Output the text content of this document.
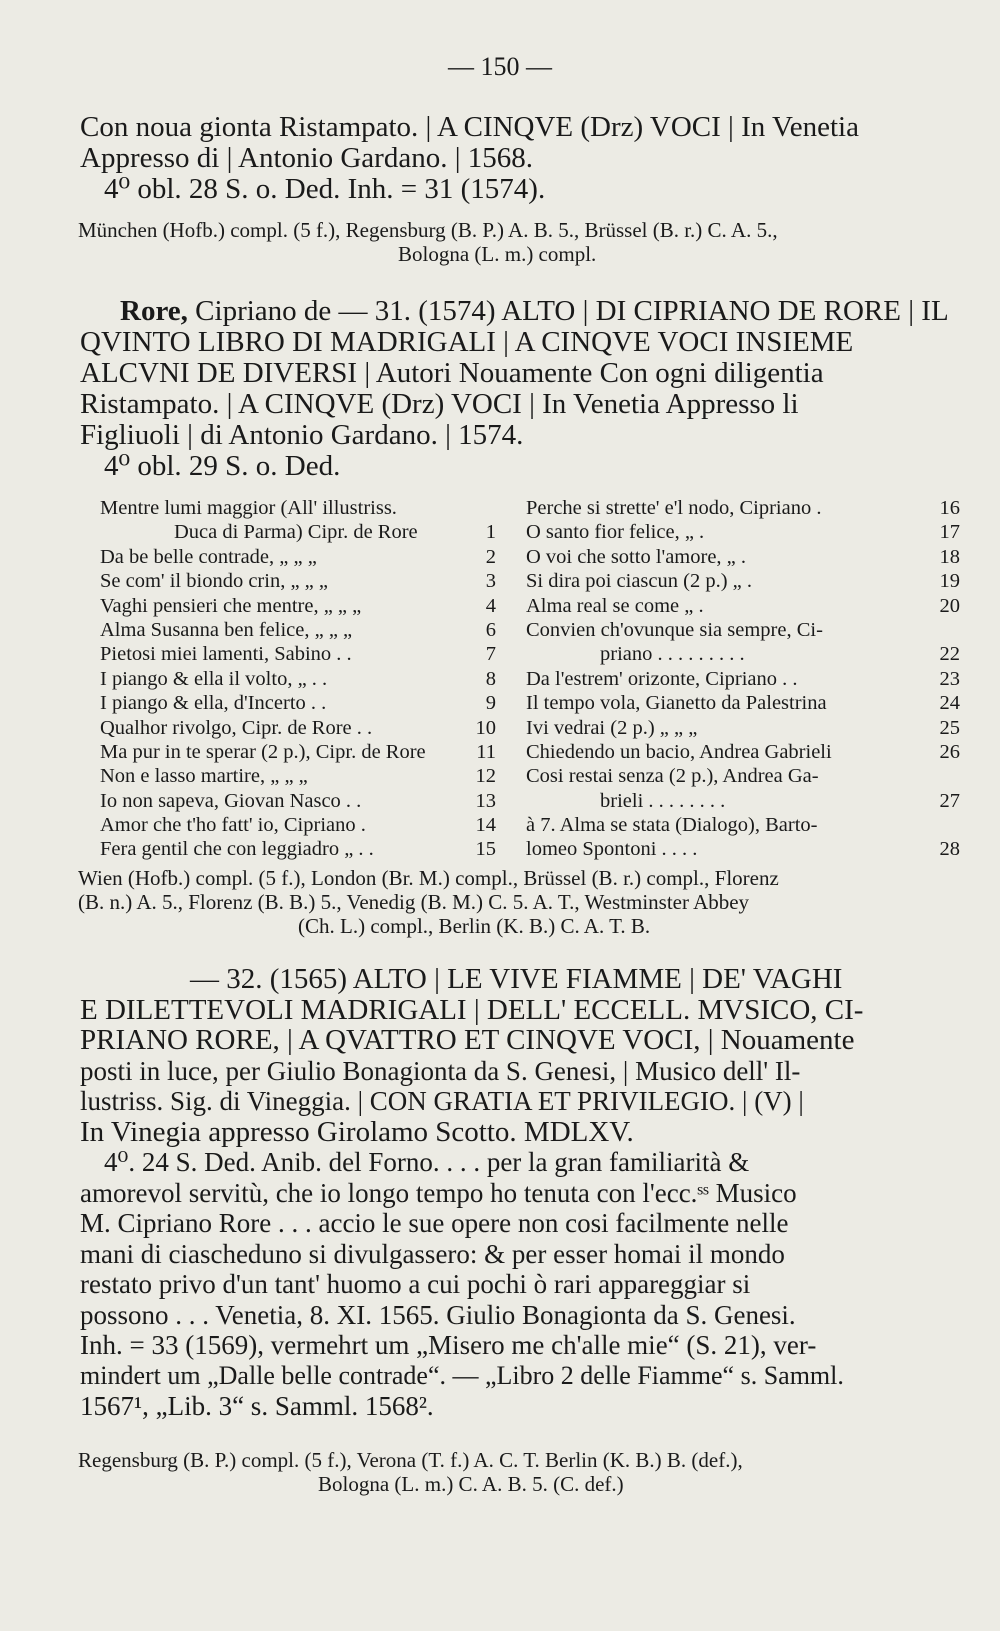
— 150 —
Con noua gionta Ristampato. | A CINQVE (Drz) VOCI | In Venetia
Appresso di | Antonio Gardano. | 1568.
4⁰ obl. 28 S. o. Ded. Inh. = 31 (1574).
München (Hofb.) compl. (5 f.), Regensburg (B. P.) A. B. 5., Brüssel (B. r.) C. A. 5.,
Bologna (L. m.) compl.
Rore, Cipriano de — 31. (1574) ALTO | DI CIPRIANO DE RORE | IL
QVINTO LIBRO DI MADRIGALI | A CINQVE VOCI INSIEME
ALCVNI DE DIVERSI | Autori Nouamente Con ogni diligentia
Ristampato. | A CINQVE (Drz) VOCI | In Venetia Appresso li
Figliuoli | di Antonio Gardano. | 1574.
4⁰ obl. 29 S. o. Ded.
Mentre lumi maggior (All' illustriss.
Duca di Parma) Cipr. de Rore	1
Da be belle contrade, „ „ „	2
Se com' il biondo crin, „ „ „	3
Vaghi pensieri che mentre, „ „ „	4
Alma Susanna ben felice, „ „ „	6
Pietosi miei lamenti, Sabino . .	7
I piango & ella il volto, „ . .	8
I piango & ella, d'Incerto . .	9
Qualhor rivolgo, Cipr. de Rore . .	10
Ma pur in te sperar (2 p.), Cipr. de Rore	11
Non e lasso martire, „ „ „	12
Io non sapeva, Giovan Nasco . .	13
Amor che t'ho fatt' io, Cipriano .	14
Fera gentil che con leggiadro „ . .	15
Perche si strette' e'l nodo, Cipriano .	16
O santo fior felice, „ .	17
O voi che sotto l'amore, „ .	18
Si dira poi ciascun (2 p.) „ .	19
Alma real se come „ .	20
Convien ch'ovunque sia sempre, Ci-
priano . . . . . . . . .	22
Da l'estrem' orizonte, Cipriano . .	23
Il tempo vola, Gianetto da Palestrina	24
Ivi vedrai (2 p.) „ „ „	25
Chiedendo un bacio, Andrea Gabrieli	26
Cosi restai senza (2 p.), Andrea Ga-
brieli . . . . . . . .	27
à 7. Alma se stata (Dialogo), Barto-
lomeo Spontoni . . . .	28
Wien (Hofb.) compl. (5 f.), London (Br. M.) compl., Brüssel (B. r.) compl., Florenz
(B. n.) A. 5., Florenz (B. B.) 5., Venedig (B. M.) C. 5. A. T., Westminster Abbey
(Ch. L.) compl., Berlin (K. B.) C. A. T. B.
— 32. (1565) ALTO | LE VIVE FIAMME | DE' VAGHI
E DILETTEVOLI MADRIGALI | DELL' ECCELL. MVSICO, CI-
PRIANO RORE, | A QVATTRO ET CINQVE VOCI, | Nouamente
posti in luce, per Giulio Bonagionta da S. Genesi, | Musico dell' Il-
lustriss. Sig. di Vineggia. | CON GRATIA ET PRIVILEGIO. | (V) |
In Vinegia appresso Girolamo Scotto. MDLXV.
4⁰. 24 S. Ded. Anib. del Forno. . . . per la gran familiarità &
amorevol servitù, che io longo tempo ho tenuta con l'ecc.ˢˢ Musico
M. Cipriano Rore . . . accio le sue opere non cosi facilmente nelle
mani di ciascheduno si divulgassero: & per esser homai il mondo
restato privo d'un tant' huomo a cui pochi ò rari appareggiar si
possono . . . Venetia, 8. XI. 1565. Giulio Bonagionta da S. Genesi.
Inh. = 33 (1569), vermehrt um „Misero me ch'alle mie“ (S. 21), ver-
mindert um „Dalle belle contrade“. — „Libro 2 delle Fiamme“ s. Samml.
1567¹, „Lib. 3“ s. Samml. 1568².
Regensburg (B. P.) compl. (5 f.), Verona (T. f.) A. C. T. Berlin (K. B.) B. (def.),
Bologna (L. m.) C. A. B. 5. (C. def.)
